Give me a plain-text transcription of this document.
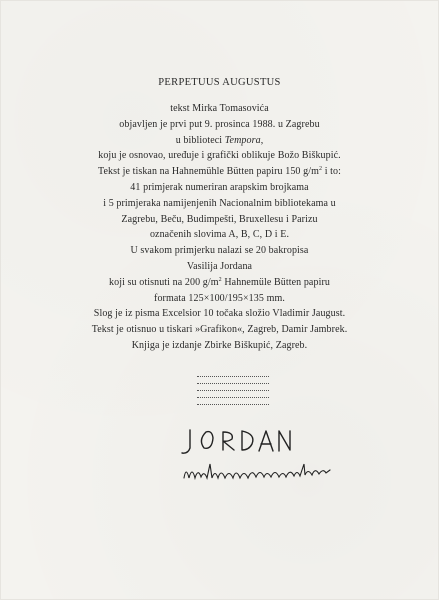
PERPETUUS AUGUSTUS
tekst Mirka Tomasovića
objavljen je prvi put 9. prosinca 1988. u Zagrebu
u biblioteci Tempora,
koju je osnovao, uređuje i grafički oblikuje Božo Biškupić.
Tekst je tiskan na Hahnemühle Bütten papiru 150 $g/m^2$ i to:
41 primjerak numeriran arapskim brojkama
i 5 primjeraka namijenjenih Nacionalnim bibliotekama u
Zagrebu, Beču, Budimpešti, Bruxellesu i Parizu
označenih slovima A, B, C, D i E.
U svakom primjerku nalazi se 20 bakropisa
Vasilija Jordana
koji su otisnuti na 200 $g/m^2$ Hahnemüle Bütten papiru
formata 125×100/195×135 mm.
Slog je iz pisma Excelsior 10 točaka složio Vladimir Jaugust.
Tekst je otisnuo u tiskari »Grafikon«, Zagreb, Damir Jambrek.
Knjiga je izdanje Zbirke Biškupić, Zagreb.
JORDAN
